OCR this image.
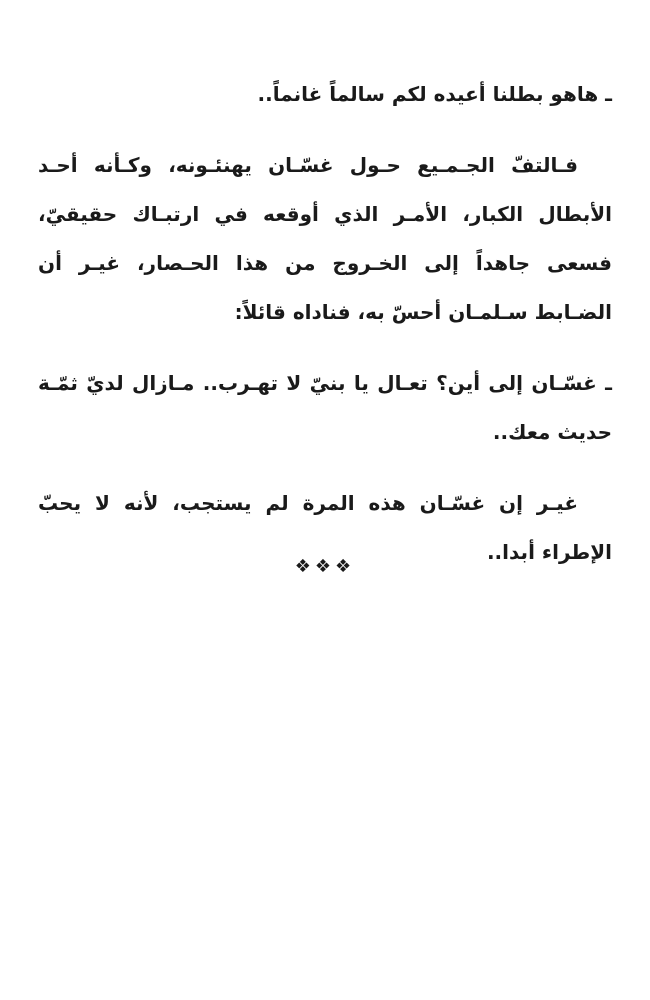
ـ هاهو بطلنا أعيده لكم سالماً غانماً..

فـالتفّ الجـمـيع حـول غسّـان يهنئـونه، وكـأنه أحـد الأبطال الكبار، الأمـر الذي أوقعه في ارتبـاك حقيقيّ، فسعى جاهداً إلى الخـروج من هذا الحـصار، غيـر أن الضـابط سـلمـان أحسّ به، فناداه قائلاً:

ـ غسّـان إلى أين؟ تعـال يا بنيّ لا تهـرب.. مـازال لديّ ثمّـة حديث معك..

غيـر إن غسّـان هذه المرة لم يستجب، لأنه لا يحبّ الإطراء أبدا..

❖❖❖
